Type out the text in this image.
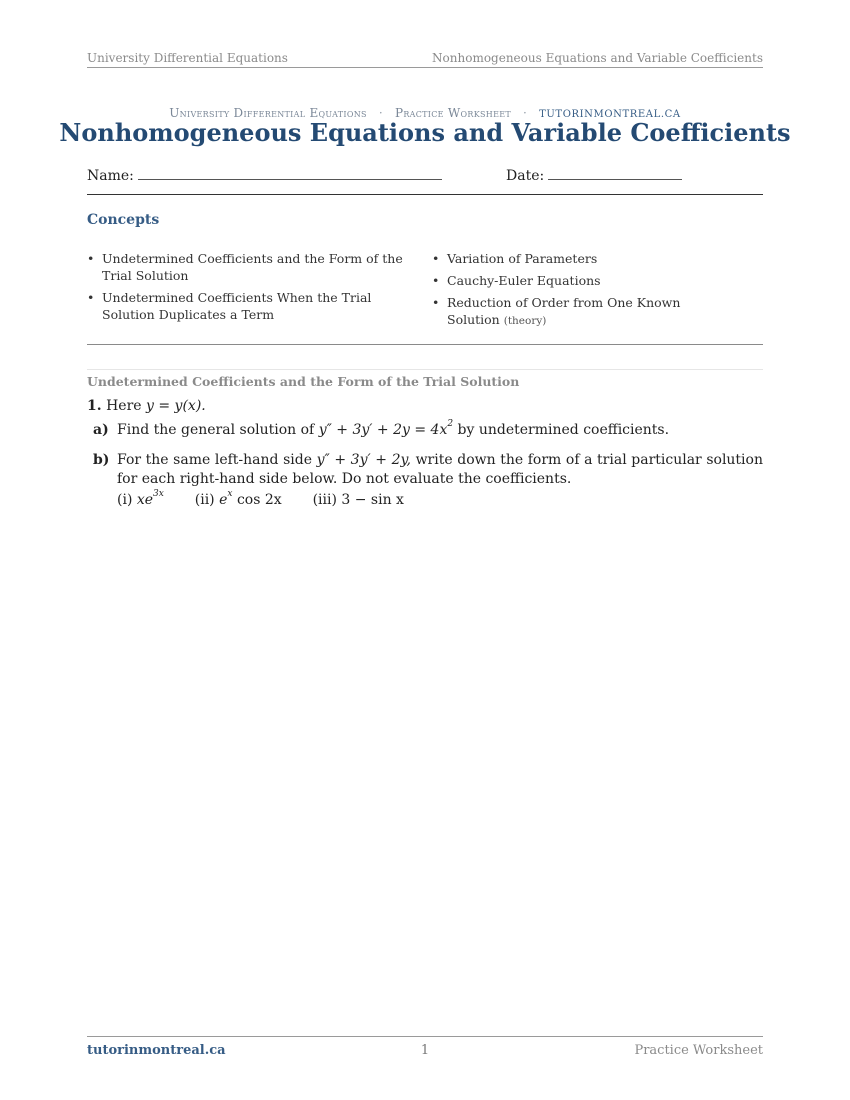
University Differential Equations	Nonhomogeneous Equations and Variable Coefficients
University Differential Equations · Practice Worksheet · TUTORINMONTREAL.CA
Nonhomogeneous Equations and Variable Coefficients
Name:	Date:
Concepts
• Undetermined Coefficients and the Form of the Trial Solution
• Undetermined Coefficients When the Trial Solution Duplicates a Term
• Variation of Parameters
• Cauchy-Euler Equations
• Reduction of Order from One Known Solution (theory)
Undetermined Coefficients and the Form of the Trial Solution
1. Here y = y(x).
a) Find the general solution of $y'' + 3y' + 2y = 4x^2$ by undetermined coefficients.
b) For the same left-hand side y″ + 3y′ + 2y, write down the form of a trial particular solution for each right-hand side below. Do not evaluate the coefficients.
(i) $xe^{3x}$ (ii) $e^x$ cos 2x (iii) 3 − sin x
tutorinmontreal.ca	1	Practice Worksheet
